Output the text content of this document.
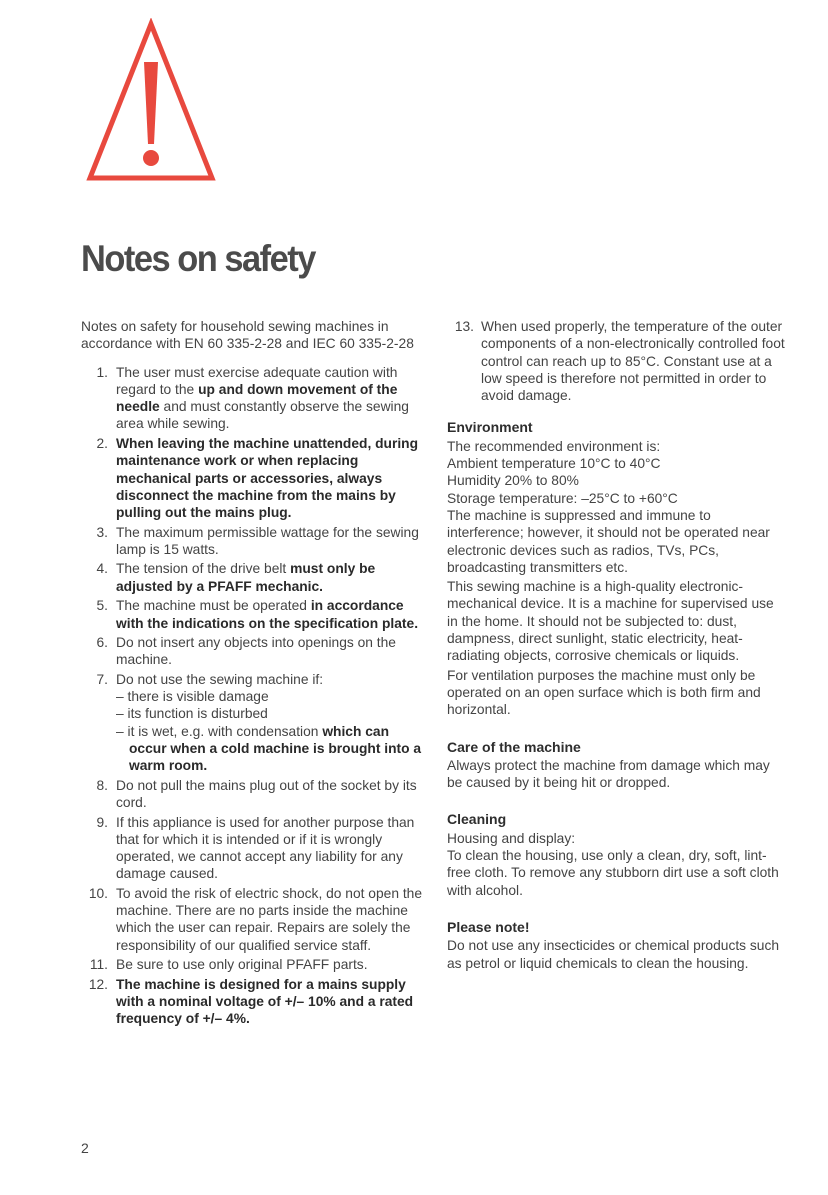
Notes on safety

Notes on safety for household sewing machines in accordance with EN 60 335-2-28 and IEC 60 335-2-28

1. The user must exercise adequate caution with regard to the up and down movement of the needle and must constantly observe the sewing area while sewing.
2. When leaving the machine unattended, during maintenance work or when replacing mechanical parts or accessories, always disconnect the machine from the mains by pulling out the mains plug.
3. The maximum permissible wattage for the sewing lamp is 15 watts.
4. The tension of the drive belt must only be adjusted by a PFAFF mechanic.
5. The machine must be operated in accordance with the indications on the specification plate.
6. Do not insert any objects into openings on the machine.
7. Do not use the sewing machine if:
– there is visible damage
– its function is disturbed
– it is wet, e.g. with condensation which can occur when a cold machine is brought into a warm room.
8. Do not pull the mains plug out of the socket by its cord.
9. If this appliance is used for another purpose than that for which it is intended or if it is wrongly operated, we cannot accept any liability for any damage caused.
10. To avoid the risk of electric shock, do not open the machine. There are no parts inside the machine which the user can repair. Repairs are solely the responsibility of our qualified service staff.
11. Be sure to use only original PFAFF parts.
12. The machine is designed for a mains supply with a nominal voltage of +/– 10% and a rated frequency of +/– 4%.
13. When used properly, the temperature of the outer components of a non-electronically controlled foot control can reach up to 85°C. Constant use at a low speed is therefore not permitted in order to avoid damage.
Environment

The recommended environment is:
Ambient temperature 10°C to 40°C
Humidity 20% to 80%
Storage temperature: –25°C to +60°C

The machine is suppressed and immune to interference; however, it should not be operated near electronic devices such as radios, TVs, PCs, broadcasting transmitters etc.

This sewing machine is a high-quality electronic-mechanical device. It is a machine for supervised use in the home. It should not be subjected to: dust, dampness, direct sunlight, static electricity, heat-radiating objects, corrosive chemicals or liquids.

For ventilation purposes the machine must only be operated on an open surface which is both firm and horizontal.

Care of the machine

Always protect the machine from damage which may be caused by it being hit or dropped.

Cleaning

Housing and display:

To clean the housing, use only a clean, dry, soft, lint-free cloth. To remove any stubborn dirt use a soft cloth with alcohol.

Please note!

Do not use any insecticides or chemical products such as petrol or liquid chemicals to clean the housing.

2
